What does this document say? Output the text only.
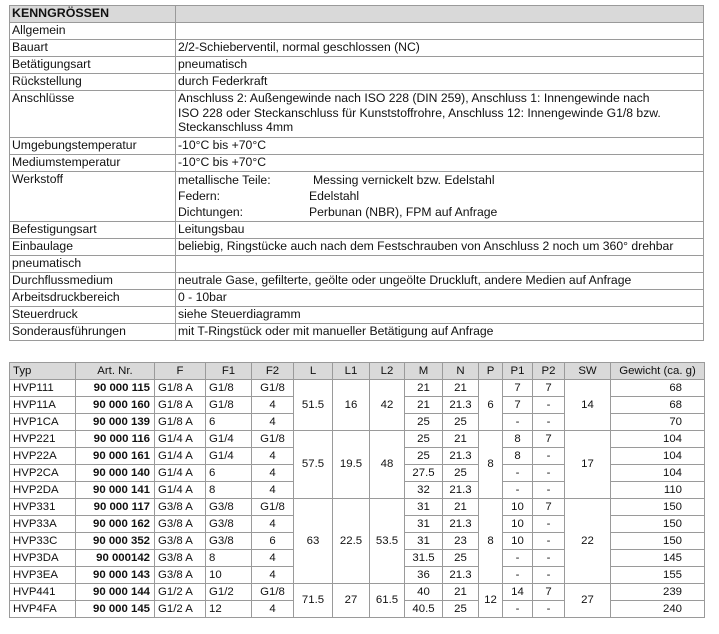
KENNGRÖSSEN	
Allgemein	
Bauart	2/2-Schieberventil, normal geschlossen (NC)
Betätigungsart	pneumatisch
Rückstellung	durch Federkraft
Anschlüsse	Anschluss 2: Außengewinde nach ISO 228 (DIN 259), Anschluss 1: Innengewinde nach
ISO 228 oder Steckanschluss für Kunststoffrohre, Anschluss 12: Innengewinde G1/8 bzw.
Steckanschluss 4mm

Umgebungstemperatur	-10°C bis +70°C
Mediumstemperatur	-10°C bis +70°C
Werkstoff	metallische Teile: Messing vernickelt bzw. Edelstahl
Federn: Edelstahl
Dichtungen: Perbunan (NBR), FPM auf Anfrage

Befestigungsart	Leitungsbau
Einbaulage	beliebig, Ringstücke auch nach dem Festschrauben von Anschluss 2 noch um 360° drehbar
pneumatisch	
Durchflussmedium	neutrale Gase, gefilterte, geölte oder ungeölte Druckluft, andere Medien auf Anfrage
Arbeitsdruckbereich	0 - 10bar
Steuerdruck	siehe Steuerdiagramm
Sonderausführungen	mit T-Ringstück oder mit manueller Betätigung auf Anfrage
Typ	Art. Nr.	F	F1	F2	L	L1	L2	M	N	P	P1	P2	SW	Gewicht (ca. g)
HVP111	90 000 115	G1/8 A	G1/8	G1/8	51.5	16	42	21	21	6	7	7	14	68
HVP11A	90 000 160	G1/8 A	G1/8	4				21	21.3		7	-		68
HVP1CA	90 000 139	G1/8 A	6	4				25	25		-	-		70
HVP221	90 000 116	G1/4 A	G1/4	G1/8	57.5	19.5	48	25	21	8	8	7	17	104
HVP22A	90 000 161	G1/4 A	G1/4	4				25	21.3		8	-		104
HVP2CA	90 000 140	G1/4 A	6	4				27.5	25		-	-		104
HVP2DA	90 000 141	G1/4 A	8	4				32	21.3		-	-		110
HVP331	90 000 117	G3/8 A	G3/8	G1/8	63	22.5	53.5	31	21	8	10	7	22	150
HVP33A	90 000 162	G3/8 A	G3/8	4				31	21.3		10	-		150
HVP33C	90 000 352	G3/8 A	G3/8	6				31	23		10	-		150
HVP3DA	90 000142	G3/8 A	8	4				31.5	25		-	-		145
HVP3EA	90 000 143	G3/8 A	10	4				36	21.3		-	-		155
HVP441	90 000 144	G1/2 A	G1/2	G1/8	71.5	27	61.5	40	21	12	14	7	27	239
HVP4FA	90 000 145	G1/2 A	12	4				40.5	25		-	-		240
